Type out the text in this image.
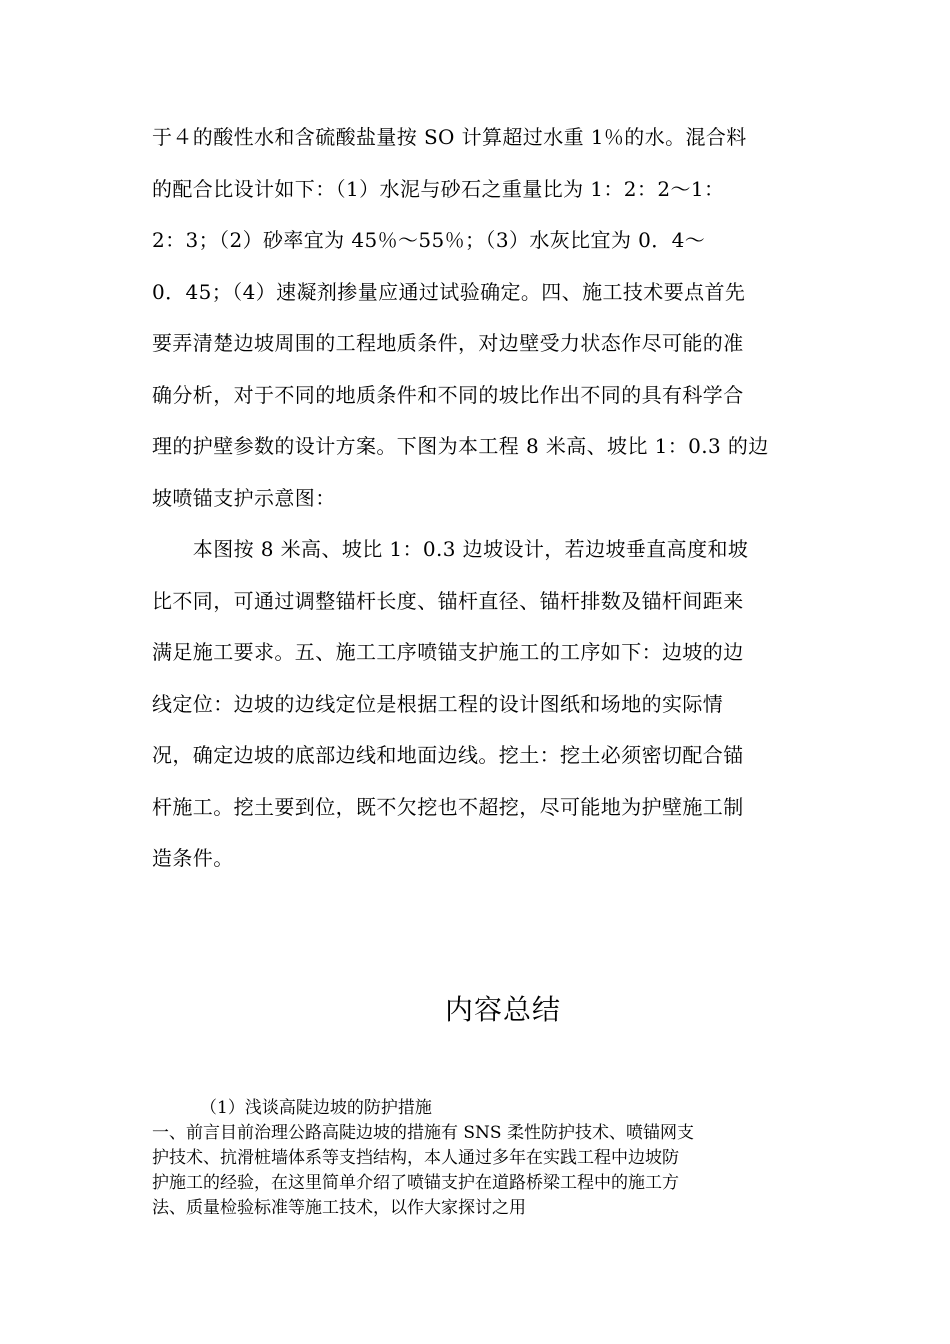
于４的酸性水和含硫酸盐量按 SO 计算超过水重 1％的水。混合料
的配合比设计如下：（1）水泥与砂石之重量比为 1：2：2～1：
2：3；（2）砂率宜为 45％～55％；（3）水灰比宜为 0．4～
0．45；（4）速凝剂掺量应通过试验确定。四、施工技术要点首先
要弄清楚边坡周围的工程地质条件，对边壁受力状态作尽可能的准
确分析，对于不同的地质条件和不同的坡比作出不同的具有科学合
理的护壁参数的设计方案。下图为本工程 8 米高、坡比 1：0.3 的边
坡喷锚支护示意图：
　　本图按 8 米高、坡比 1：0.3 边坡设计，若边坡垂直高度和坡
比不同，可通过调整锚杆长度、锚杆直径、锚杆排数及锚杆间距来
满足施工要求。五、施工工序喷锚支护施工的工序如下：边坡的边
线定位：边坡的边线定位是根据工程的设计图纸和场地的实际情
况，确定边坡的底部边线和地面边线。挖土：挖土必须密切配合锚
杆施工。挖土要到位，既不欠挖也不超挖，尽可能地为护壁施工制
造条件。
内容总结
（1）浅谈高陡边坡的防护措施
一、前言目前治理公路高陡边坡的措施有 SNS 柔性防护技术、喷锚网支
护技术、抗滑桩墙体系等支挡结构，本人通过多年在实践工程中边坡防
护施工的经验，在这里简单介绍了喷锚支护在道路桥梁工程中的施工方
法、质量检验标准等施工技术，以作大家探讨之用
